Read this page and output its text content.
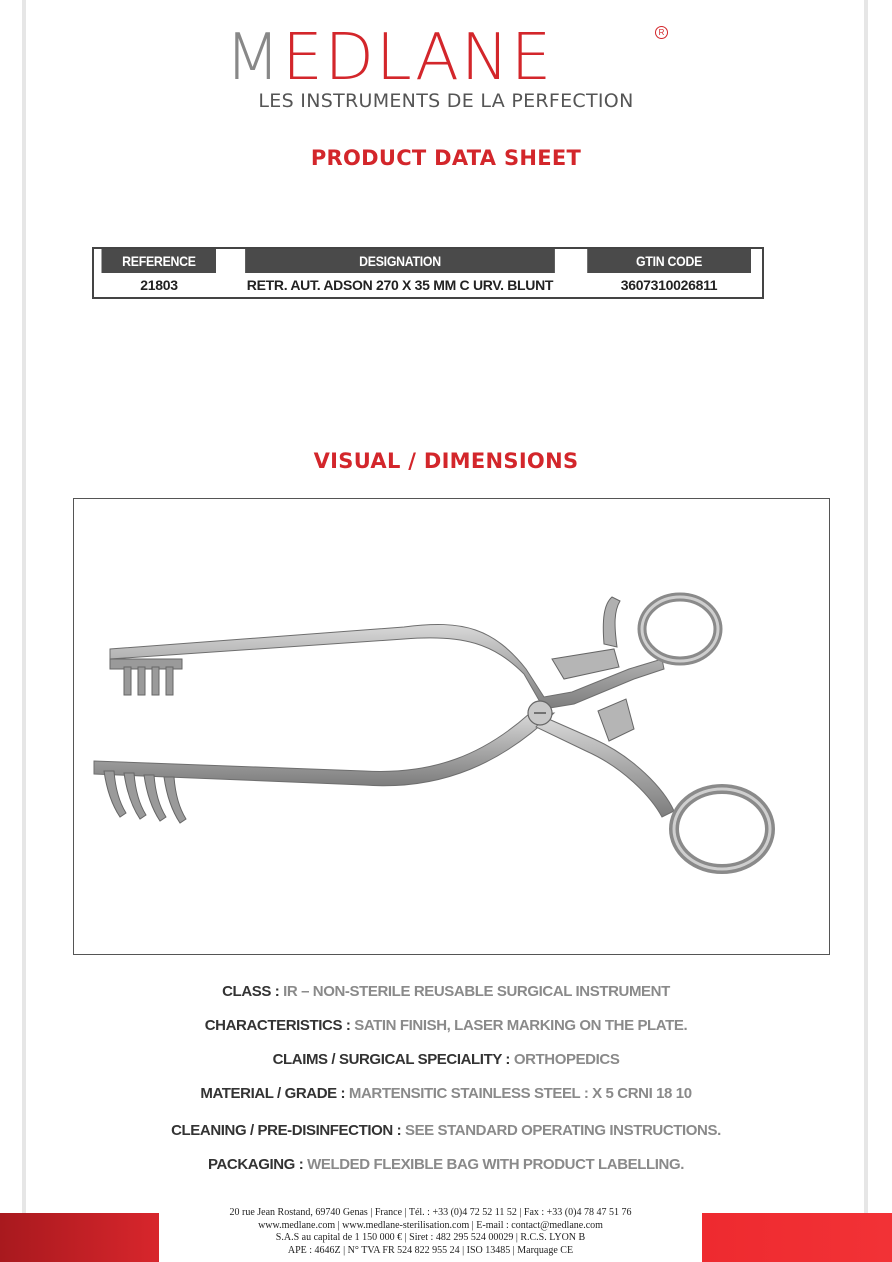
MEDLANE	R
LES INSTRUMENTS DE LA PERFECTION
PRODUCT DATA SHEET
REFERENCE	DESIGNATION	GTIN CODE
21803	RETR. AUT. ADSON 270 X 35 MM C URV. BLUNT	3607310026811
VISUAL / DIMENSIONS
CLASS : IR – NON-STERILE REUSABLE SURGICAL INSTRUMENT
CHARACTERISTICS : SATIN FINISH, LASER MARKING ON THE PLATE.
CLAIMS / SURGICAL SPECIALITY : ORTHOPEDICS
MATERIAL / GRADE : MARTENSITIC STAINLESS STEEL : X 5 CRNI 18 10
CLEANING / PRE-DISINFECTION : SEE STANDARD OPERATING INSTRUCTIONS.
PACKAGING : WELDED FLEXIBLE BAG WITH PRODUCT LABELLING.
20 rue Jean Rostand, 69740 Genas | France | Tél. : +33 (0)4 72 52 11 52 | Fax : +33 (0)4 78 47 51 76
www.medlane.com | www.medlane-sterilisation.com | E-mail : contact@medlane.com
S.A.S au capital de 1 150 000 € | Siret : 482 295 524 00029 | R.C.S. LYON B
APE : 4646Z | N° TVA FR 524 822 955 24 | ISO 13485 | Marquage CE
